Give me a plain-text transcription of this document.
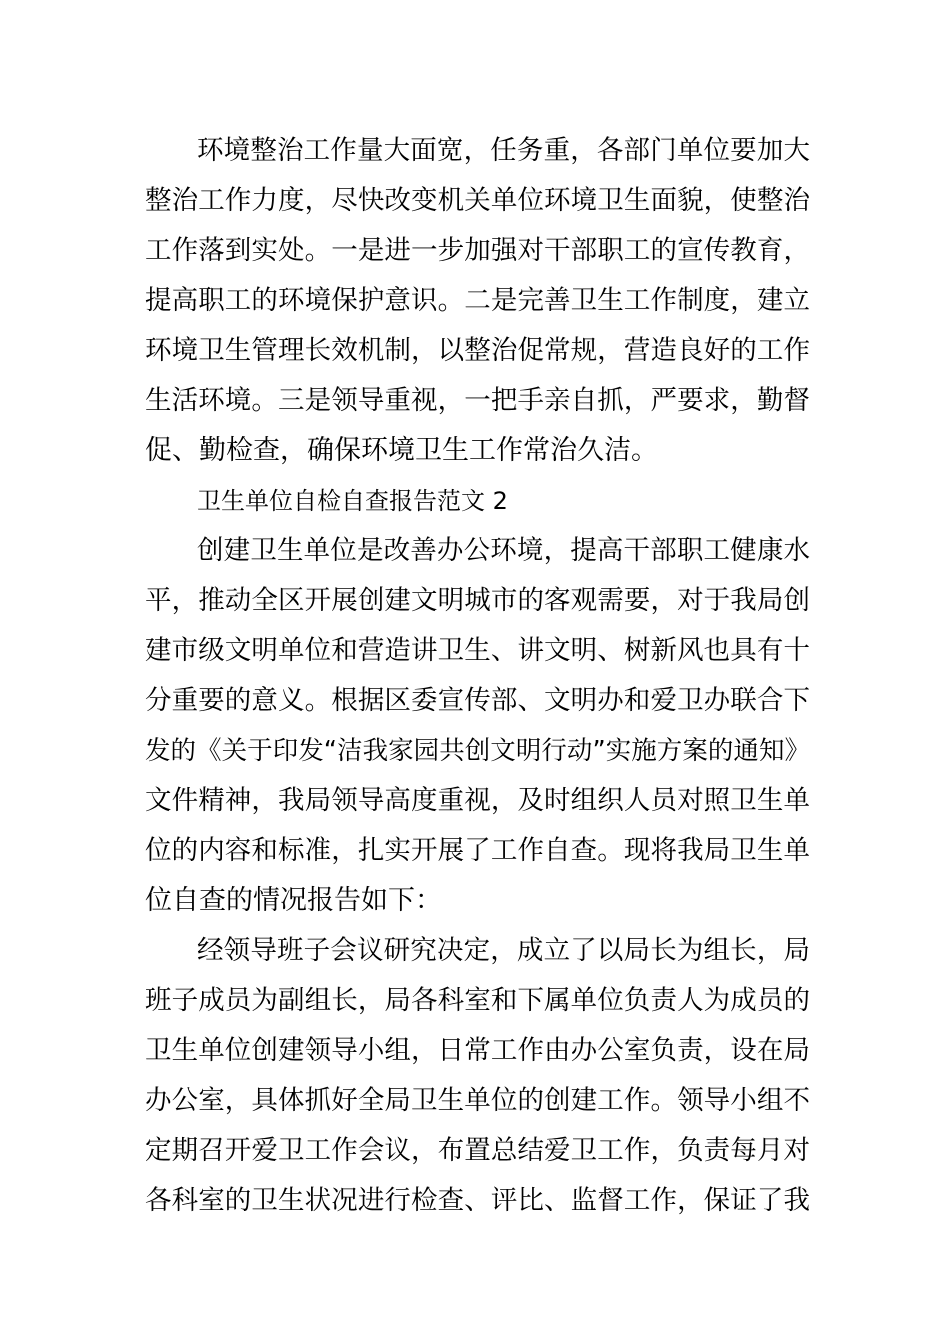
环境整治工作量大面宽，任务重，各部门单位要加大
整治工作力度，尽快改变机关单位环境卫生面貌，使整治
工作落到实处。一是进一步加强对干部职工的宣传教育，
提高职工的环境保护意识。二是完善卫生工作制度，建立
环境卫生管理长效机制，以整治促常规，营造良好的工作
生活环境。三是领导重视，一把手亲自抓，严要求，勤督
促、勤检查，确保环境卫生工作常治久洁。
卫生单位自检自查报告范文 2
创建卫生单位是改善办公环境，提高干部职工健康水
平，推动全区开展创建文明城市的客观需要，对于我局创
建市级文明单位和营造讲卫生、讲文明、树新风也具有十
分重要的意义。根据区委宣传部、文明办和爱卫办联合下
发的《关于印发“洁我家园共创文明行动”实施方案的通知》
文件精神，我局领导高度重视，及时组织人员对照卫生单
位的内容和标准，扎实开展了工作自查。现将我局卫生单
位自查的情况报告如下：
经领导班子会议研究决定，成立了以局长为组长，局
班子成员为副组长，局各科室和下属单位负责人为成员的
卫生单位创建领导小组，日常工作由办公室负责，设在局
办公室，具体抓好全局卫生单位的创建工作。领导小组不
定期召开爱卫工作会议，布置总结爱卫工作，负责每月对
各科室的卫生状况进行检查、评比、监督工作，保证了我
